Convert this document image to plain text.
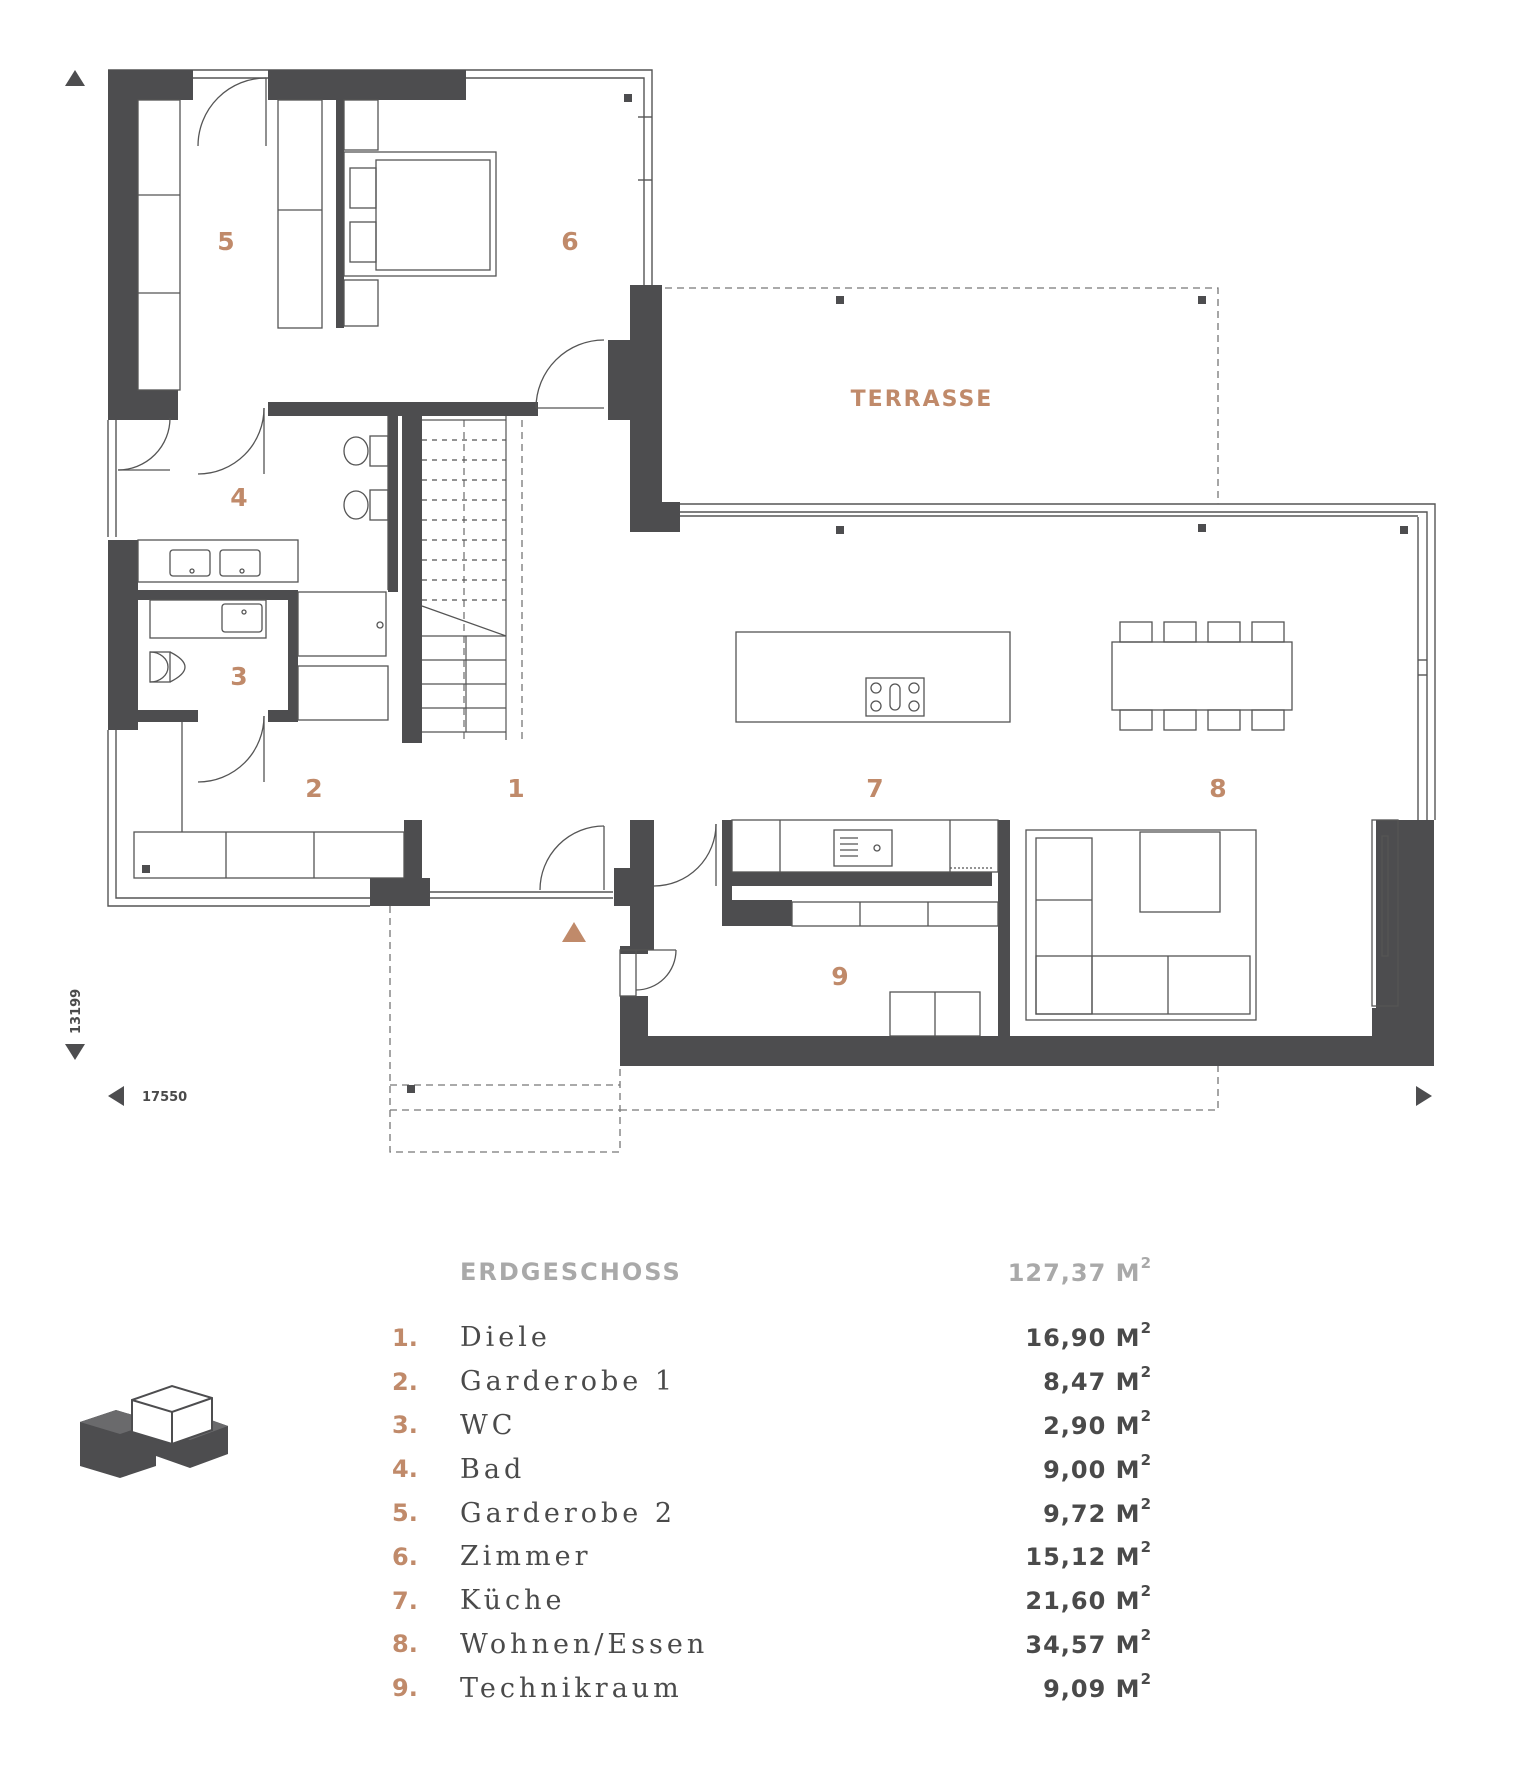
17550
13199
TERRASSE
1
2
3
4
5	6
7	8
9
ERDGESCHOSS	127,37 $M^2$
1.	Diele	16,90 $M^2$
2.	Garderobe 1	8,47 $M^2$
3.	WC	2,90 $M^2$
4.	Bad	9,00 $M^2$
5.	Garderobe 2	9,72 $M^2$
6.	Zimmer	15,12 $M^2$
7.	Küche	21,60 $M^2$
8.	Wohnen/Essen	34,57 $M^2$
9.	Technikraum	9,09 $M^2$
